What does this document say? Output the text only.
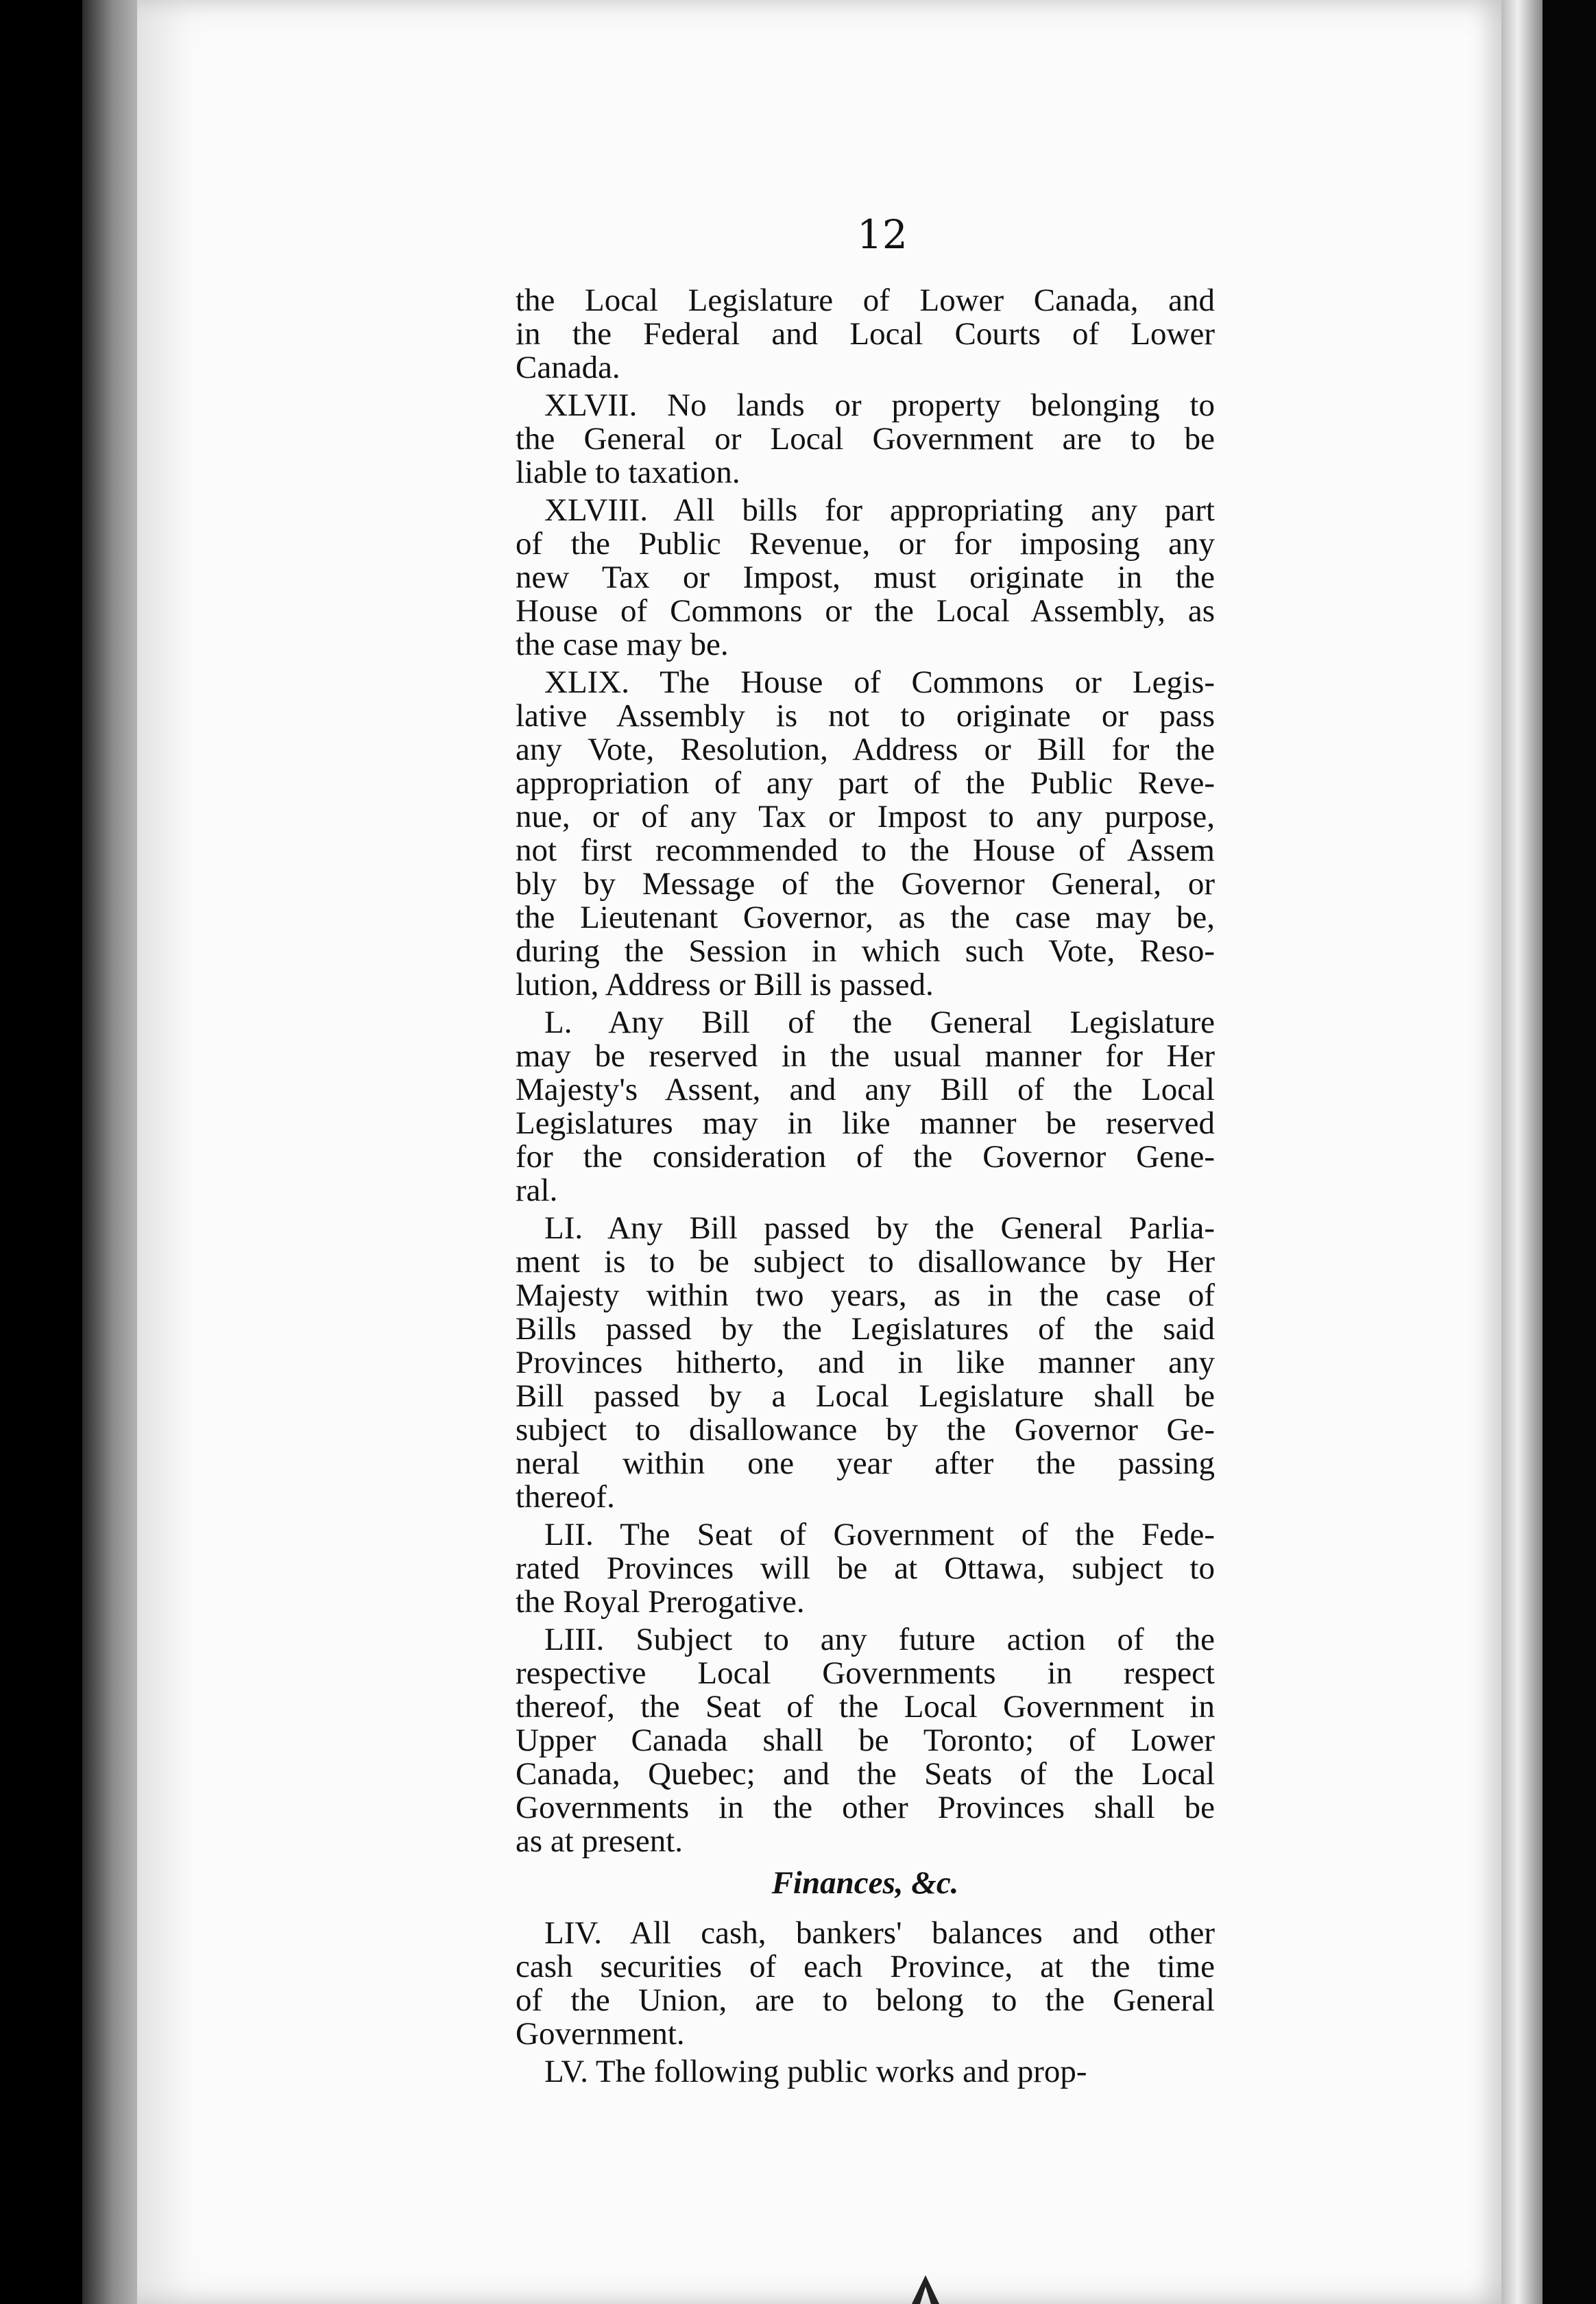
12
the Local Legislature of Lower Canada, and
in the Federal and Local Courts of Lower
Canada.
XLVII. No lands or property belonging to
the General or Local Government are to be
liable to taxation.
XLVIII. All bills for appropriating any part
of the Public Revenue, or for imposing any
new Tax or Impost, must originate in the
House of Commons or the Local Assembly, as
the case may be.
XLIX. The House of Commons or Legis-
lative Assembly is not to originate or pass
any Vote, Resolution, Address or Bill for the
appropriation of any part of the Public Reve-
nue, or of any Tax or Impost to any purpose,
not first recommended to the House of Assem
bly by Message of the Governor General, or
the Lieutenant Governor, as the case may be,
during the Session in which such Vote, Reso-
lution, Address or Bill is passed.
L. Any Bill of the General Legislature
may be reserved in the usual manner for Her
Majesty's Assent, and any Bill of the Local
Legislatures may in like manner be reserved
for the consideration of the Governor Gene-
ral.
LI. Any Bill passed by the General Parlia-
ment is to be subject to disallowance by Her
Majesty within two years, as in the case of
Bills passed by the Legislatures of the said
Provinces hitherto, and in like manner any
Bill passed by a Local Legislature shall be
subject to disallowance by the Governor Ge-
neral within one year after the passing
thereof.
LII. The Seat of Government of the Fede-
rated Provinces will be at Ottawa, subject to
the Royal Prerogative.
LIII. Subject to any future action of the
respective Local Governments in respect
thereof, the Seat of the Local Government in
Upper Canada shall be Toronto; of Lower
Canada, Quebec; and the Seats of the Local
Governments in the other Provinces shall be
as at present.
Finances, &c.
LIV. All cash, bankers' balances and other
cash securities of each Province, at the time
of the Union, are to belong to the General
Government.
LV. The following public works and prop-
